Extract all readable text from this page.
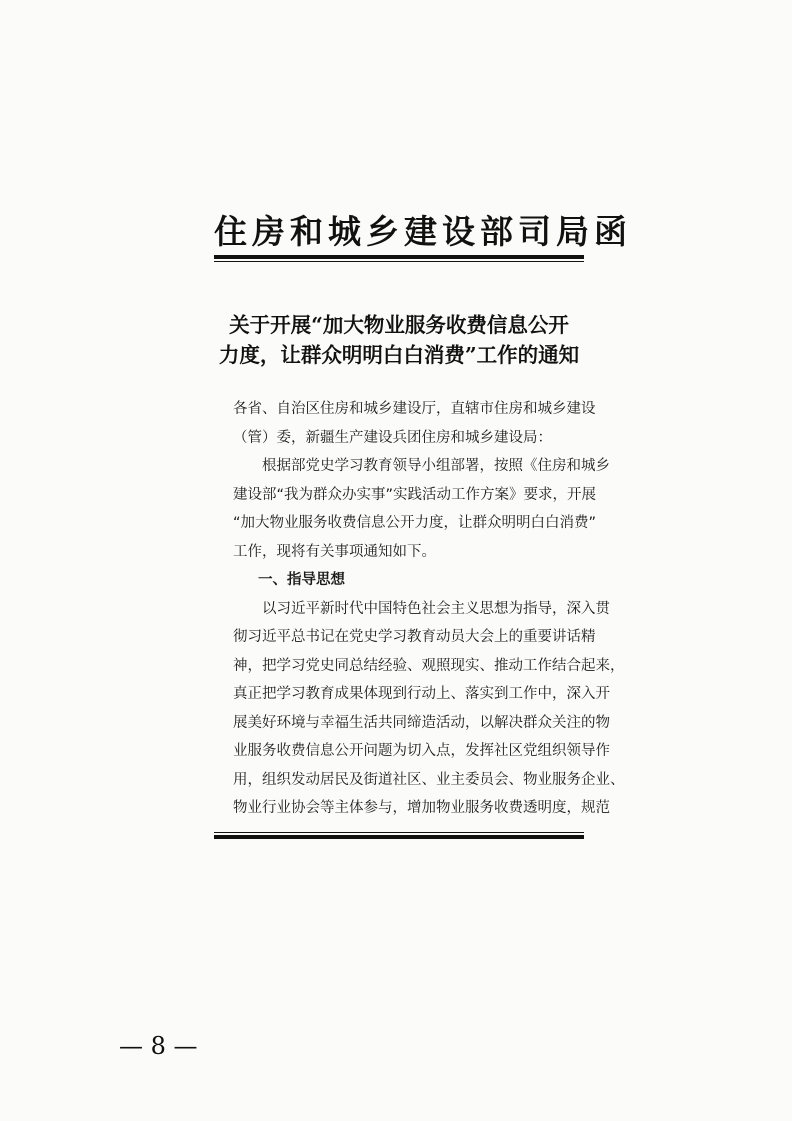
住房和城乡建设部司局函
关于开展“加大物业服务收费信息公开
力度，让群众明明白白消费”工作的通知
各省、自治区住房和城乡建设厅，直辖市住房和城乡建设
（管）委，新疆生产建设兵团住房和城乡建设局：
根据部党史学习教育领导小组部署，按照《住房和城乡
建设部“我为群众办实事”实践活动工作方案》要求，开展
“加大物业服务收费信息公开力度，让群众明明白白消费”
工作，现将有关事项通知如下。
一、指导思想
以习近平新时代中国特色社会主义思想为指导，深入贯
彻习近平总书记在党史学习教育动员大会上的重要讲话精
神，把学习党史同总结经验、观照现实、推动工作结合起来，
真正把学习教育成果体现到行动上、落实到工作中，深入开
展美好环境与幸福生活共同缔造活动，以解决群众关注的物
业服务收费信息公开问题为切入点，发挥社区党组织领导作
用，组织发动居民及街道社区、业主委员会、物业服务企业、
物业行业协会等主体参与，增加物业服务收费透明度，规范
— 8 —
